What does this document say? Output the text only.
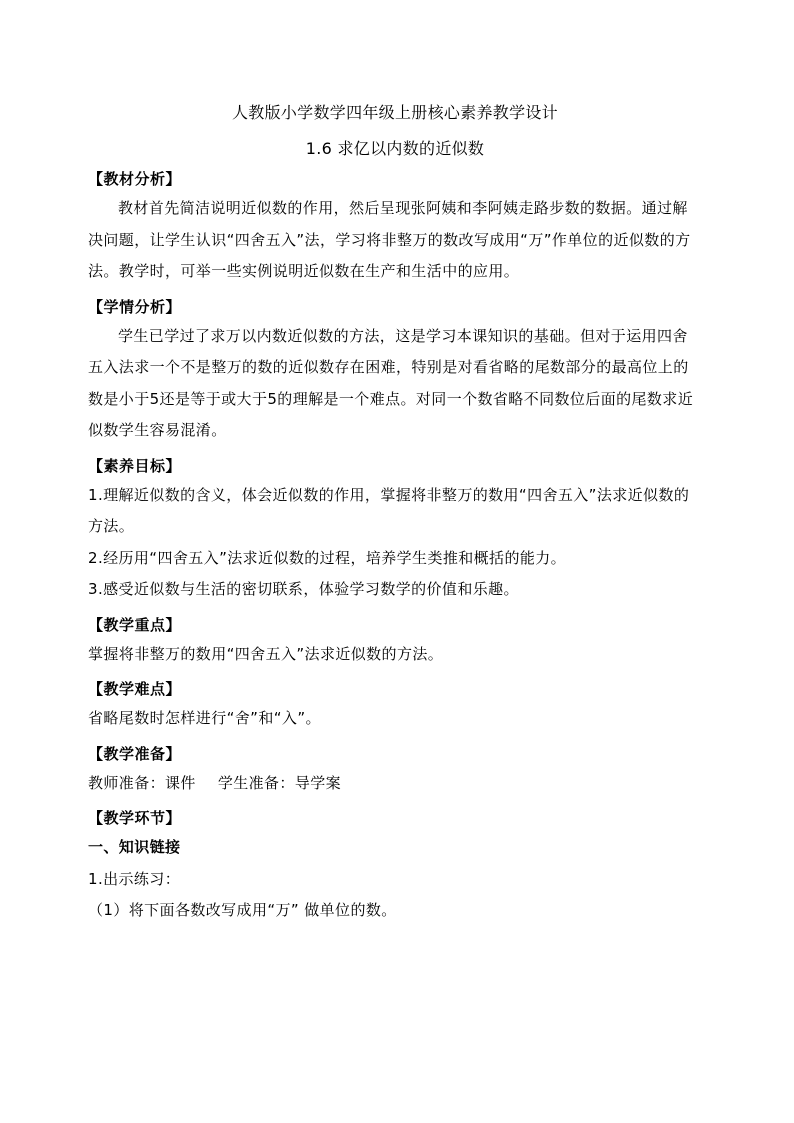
人教版小学数学四年级上册核心素养教学设计
1.6 求亿以内数的近似数
【教材分析】

教材首先简洁说明近似数的作用，然后呈现张阿姨和李阿姨走路步数的数据。通过解决问题，让学生认识“四舍五入”法，学习将非整万的数改写成用“万”作单位的近似数的方法。教学时，可举一些实例说明近似数在生产和生活中的应用。

【学情分析】

学生已学过了求万以内数近似数的方法，这是学习本课知识的基础。但对于运用四舍五入法求一个不是整万的数的近似数存在困难，特别是对看省略的尾数部分的最高位上的数是小于5还是等于或大于5的理解是一个难点。对同一个数省略不同数位后面的尾数求近似数学生容易混淆。

【素养目标】

1.理解近似数的含义，体会近似数的作用，掌握将非整万的数用“四舍五入”法求近似数的方法。

2.经历用“四舍五入”法求近似数的过程，培养学生类推和概括的能力。

3.感受近似数与生活的密切联系，体验学习数学的价值和乐趣。

【教学重点】

掌握将非整万的数用“四舍五入”法求近似数的方法。

【教学难点】

省略尾数时怎样进行“舍”和“入”。

【教学准备】

教师准备：课件 学生准备：导学案

【教学环节】

一、知识链接

1.出示练习：

（1）将下面各数改写成用“万” 做单位的数。
